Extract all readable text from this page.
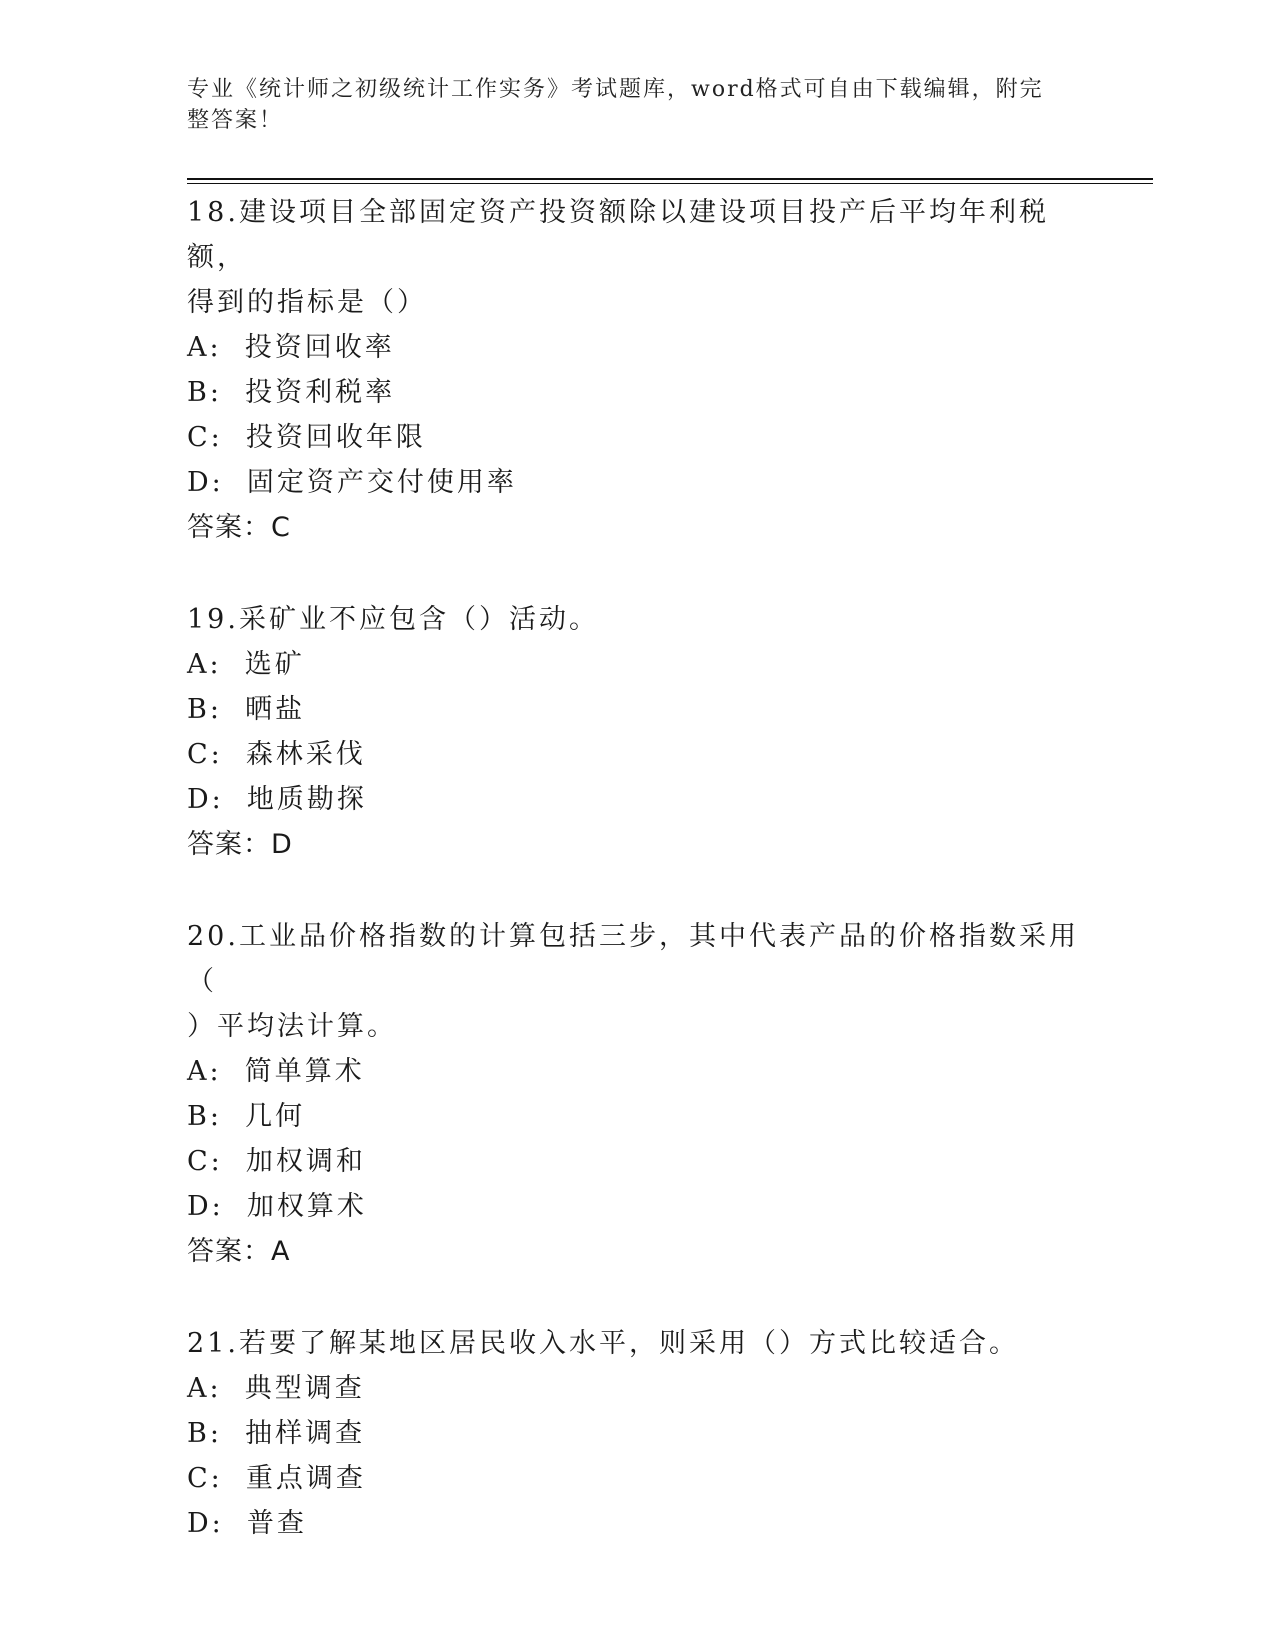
专业《统计师之初级统计工作实务》考试题库，word格式可自由下载编辑，附完
整答案！

18.建设项目全部固定资产投资额除以建设项目投产后平均年利税额，
得到的指标是（）

A:  投资回收率

B:  投资利税率

C:  投资回收年限

D:  固定资产交付使用率

答案：C

19.采矿业不应包含（）活动。

A:  选矿

B:  晒盐

C:  森林采伐

D:  地质勘探

答案：D

20.工业品价格指数的计算包括三步，其中代表产品的价格指数采用（
）平均法计算。

A:  简单算术

B:  几何

C:  加权调和

D:  加权算术

答案：A

21.若要了解某地区居民收入水平，则采用（）方式比较适合。

A:  典型调查

B:  抽样调查

C:  重点调查

D:  普查
